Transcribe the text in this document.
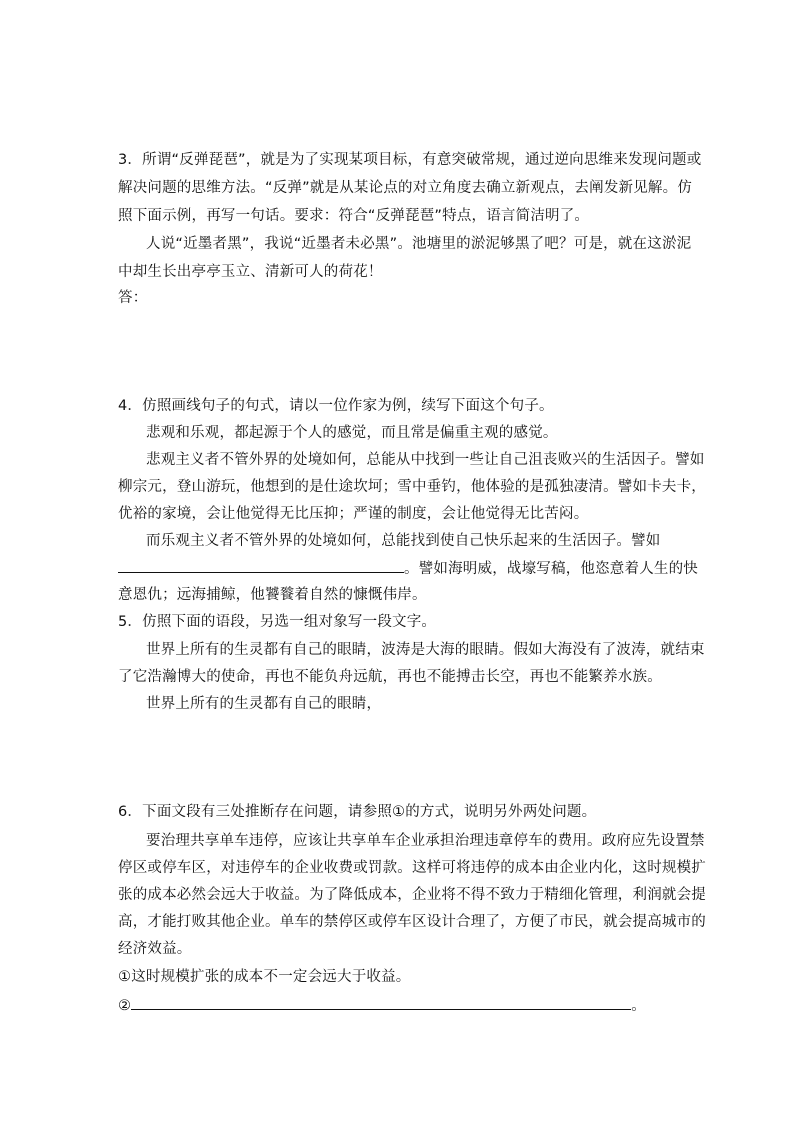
3．所谓“反弹琵琶”，就是为了实现某项目标，有意突破常规，通过逆向思维来发现问题或
解决问题的思维方法。“反弹”就是从某论点的对立角度去确立新观点，去阐发新见解。仿
照下面示例，再写一句话。要求：符合“反弹琵琶”特点，语言简洁明了。
人说“近墨者黑”，我说“近墨者未必黑”。池塘里的淤泥够黑了吧？可是，就在这淤泥
中却生长出亭亭玉立、清新可人的荷花！
答：
4．仿照画线句子的句式，请以一位作家为例，续写下面这个句子。
悲观和乐观，都起源于个人的感觉，而且常是偏重主观的感觉。
悲观主义者不管外界的处境如何，总能从中找到一些让自己沮丧败兴的生活因子。譬如
柳宗元，登山游玩，他想到的是仕途坎坷；雪中垂钓，他体验的是孤独凄清。譬如卡夫卡，
优裕的家境，会让他觉得无比压抑；严谨的制度，会让他觉得无比苦闷。
而乐观主义者不管外界的处境如何，总能找到使自己快乐起来的生活因子。譬如
。譬如海明威，战壕写稿，他恣意着人生的快
意恩仇；远海捕鲸，他饕餮着自然的慷慨伟岸。
5．仿照下面的语段，另选一组对象写一段文字。
世界上所有的生灵都有自己的眼睛，波涛是大海的眼睛。假如大海没有了波涛，就结束
了它浩瀚博大的使命，再也不能负舟远航，再也不能搏击长空，再也不能繁养水族。
世界上所有的生灵都有自己的眼睛，
6．下面文段有三处推断存在问题，请参照①的方式，说明另外两处问题。
要治理共享单车违停，应该让共享单车企业承担治理违章停车的费用。政府应先设置禁
停区或停车区，对违停车的企业收费或罚款。这样可将违停的成本由企业内化，这时规模扩
张的成本必然会远大于收益。为了降低成本，企业将不得不致力于精细化管理，利润就会提
高，才能打败其他企业。单车的禁停区或停车区设计合理了，方便了市民，就会提高城市的
经济效益。
①这时规模扩张的成本不一定会远大于收益。
②	。
